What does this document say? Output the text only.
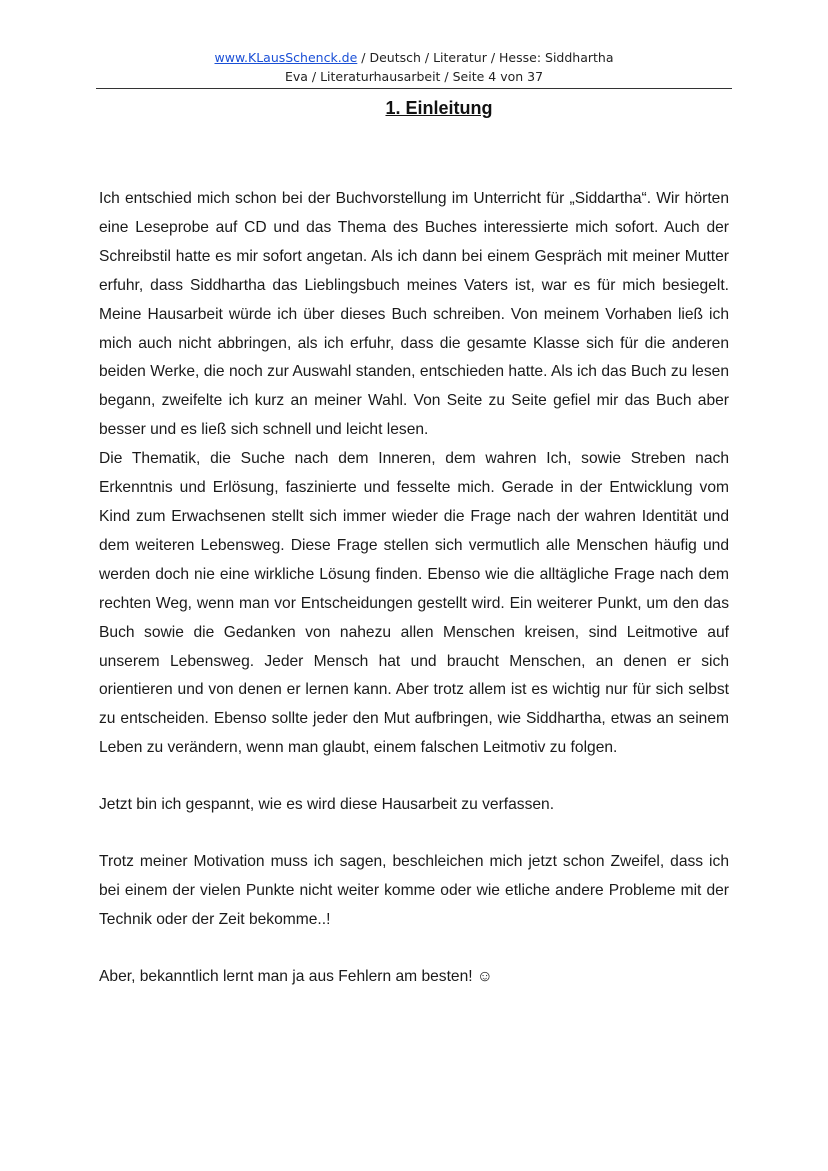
www.KLausSchenck.de / Deutsch / Literatur / Hesse: Siddhartha
Eva / Literaturhausarbeit / Seite 4 von 37
1. Einleitung

Ich entschied mich schon bei der Buchvorstellung im Unterricht für „Siddartha“. Wir hörten eine Leseprobe auf CD und das Thema des Buches interessierte mich sofort. Auch der Schreibstil hatte es mir sofort angetan. Als ich dann bei einem Gespräch mit meiner Mutter erfuhr, dass Siddhartha das Lieblingsbuch meines Vaters ist, war es für mich besiegelt. Meine Hausarbeit würde ich über dieses Buch schreiben. Von meinem Vorhaben ließ ich mich auch nicht abbringen, als ich erfuhr, dass die gesamte Klasse sich für die anderen beiden Werke, die noch zur Auswahl standen, entschieden hatte. Als ich das Buch zu lesen begann, zweifelte ich kurz an meiner Wahl. Von Seite zu Seite gefiel mir das Buch aber besser und es ließ sich schnell und leicht lesen.

Die Thematik, die Suche nach dem Inneren, dem wahren Ich, sowie Streben nach Erkenntnis und Erlösung, faszinierte und fesselte mich. Gerade in der Entwicklung vom Kind zum Erwachsenen stellt sich immer wieder die Frage nach der wahren Identität und dem weiteren Lebensweg. Diese Frage stellen sich vermutlich alle Menschen häufig und werden doch nie eine wirkliche Lösung finden. Ebenso wie die alltägliche Frage nach dem rechten Weg, wenn man vor Entscheidungen gestellt wird. Ein weiterer Punkt, um den das Buch sowie die Gedanken von nahezu allen Menschen kreisen, sind Leitmotive auf unserem Lebensweg. Jeder Mensch hat und braucht Menschen, an denen er sich orientieren und von denen er lernen kann. Aber trotz allem ist es wichtig nur für sich selbst zu entscheiden. Ebenso sollte jeder den Mut aufbringen, wie Siddhartha, etwas an seinem Leben zu verändern, wenn man glaubt, einem falschen Leitmotiv zu folgen.

Jetzt bin ich gespannt, wie es wird diese Hausarbeit zu verfassen.

Trotz meiner Motivation muss ich sagen, beschleichen mich jetzt schon Zweifel, dass ich bei einem der vielen Punkte nicht weiter komme oder wie etliche andere Probleme mit der Technik oder der Zeit bekomme..!

Aber, bekanntlich lernt man ja aus Fehlern am besten! ☺
